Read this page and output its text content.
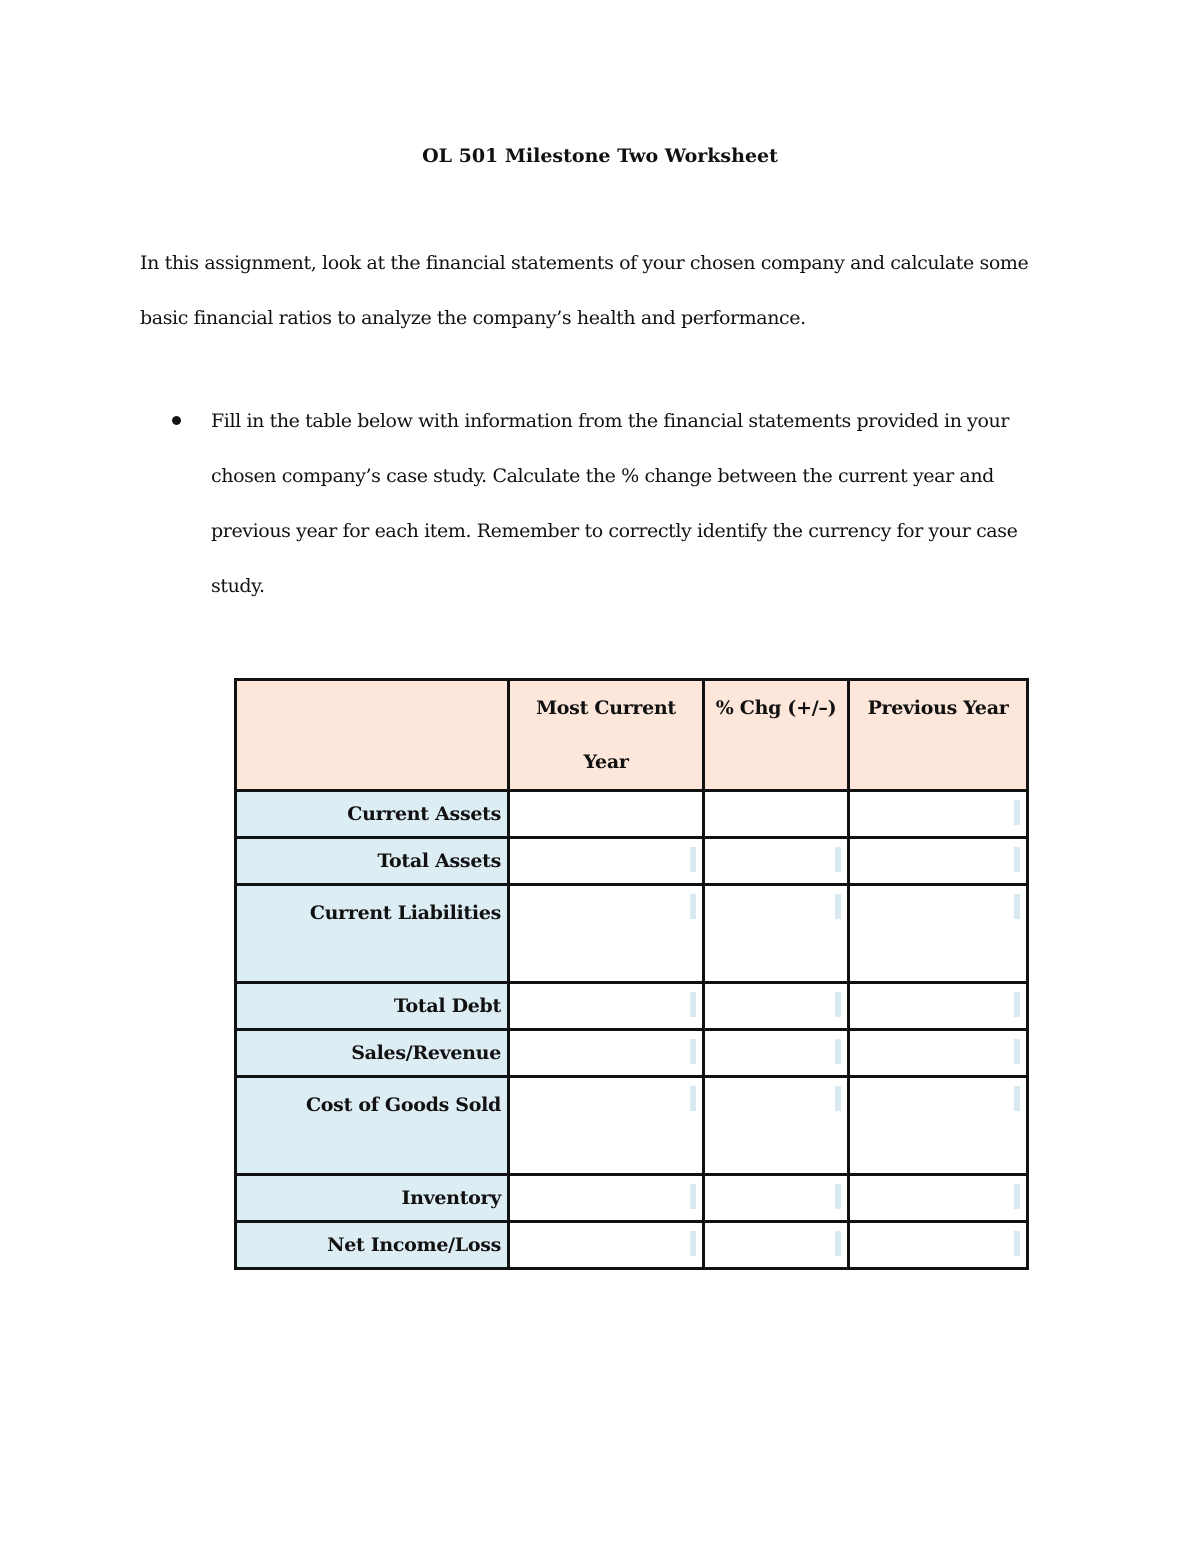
OL 501 Milestone Two Worksheet
In this assignment, look at the financial statements of your chosen company and calculate some basic financial ratios to analyze the company’s health and performance.
Fill in the table below with information from the financial statements provided in your chosen company’s case study. Calculate the % change between the current year and previous year for each item. Remember to correctly identify the currency for your case study.

	Most Current Year	% Chg (+/–)	Previous Year

Current Assets			

Total Assets	

Current Liabilities	

Total Debt	

Sales/Revenue	

Cost of Goods Sold	

Inventory	

Net Income/Loss	
